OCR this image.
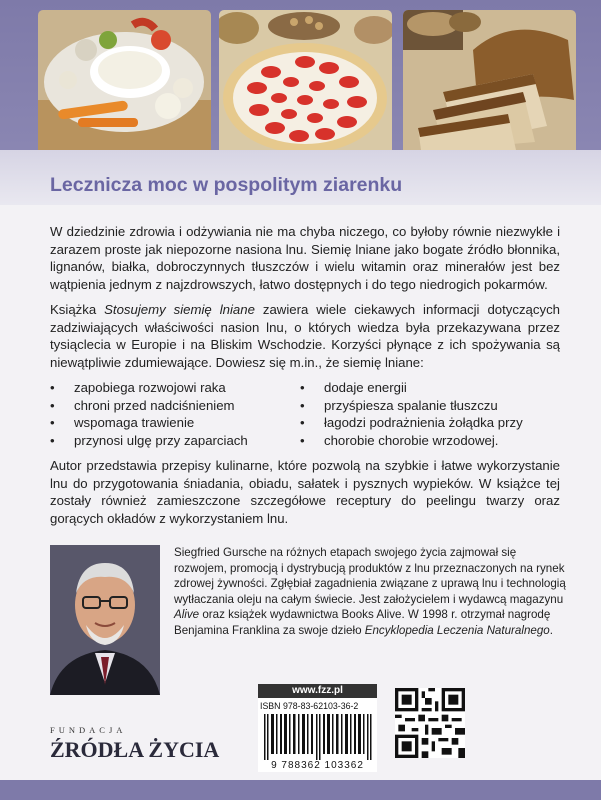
Lecznicza moc w pospolitym ziarenku

W dziedzinie zdrowia i odżywiania nie ma chyba niczego, co byłoby równie niezwykłe i zarazem proste jak niepozorne nasiona lnu. Siemię lniane jako bogate źródło błonnika, lignanów, białka, dobroczynnych tłuszczów i wielu witamin oraz minerałów jest bez wątpienia jednym z najzdrowszych, łatwo dostępnych i do tego niedrogich pokarmów.

Książka Stosujemy siemię lniane zawiera wiele ciekawych informacji dotyczących zadziwiających właściwości nasion lnu, o których wiedza była przekazywana przez tysiąclecia w Europie i na Bliskim Wschodzie. Korzyści płynące z ich spożywania są niewątpliwie zdumiewające. Dowiesz się m.in., że siemię lniane:

• zapobiega rozwojowi raka
• chroni przed nadciśnieniem
• wspomaga trawienie
• przynosi ulgę przy zaparciach
• dodaje energii
• przyśpiesza spalanie tłuszczu
• łagodzi podrażnienia żołądka przy
• chorobie chorobie wrzodowej.

Autor przedstawia przepisy kulinarne, które pozwolą na szybkie i łatwe wykorzystanie lnu do przygotowania śniadania, obiadu, sałatek i pysznych wypieków. W książce tej zostały również zamieszczone szczegółowe receptury do peelingu twarzy oraz gorących okładów z wykorzystaniem lnu.

Siegfried Gursche na różnych etapach swojego życia zajmował się rozwojem, promocją i dystrybucją produktów z lnu przeznaczonych na rynek zdrowej żywności. Zgłębiał zagadnienia związane z uprawą lnu i technologią wytłaczania oleju na całym świecie. Jest założycielem i wydawcą magazynu Alive oraz książek wydawnictwa Books Alive. W 1998 r. otrzymał nagrodę Benjamina Franklina za swoje dzieło Encyklopedia Leczenia Naturalnego.

FUNDACJA
ŹRÓDŁA ŻYCIA
www.fzz.pl
ISBN 978-83-62103-36-2
9 788362 103362
